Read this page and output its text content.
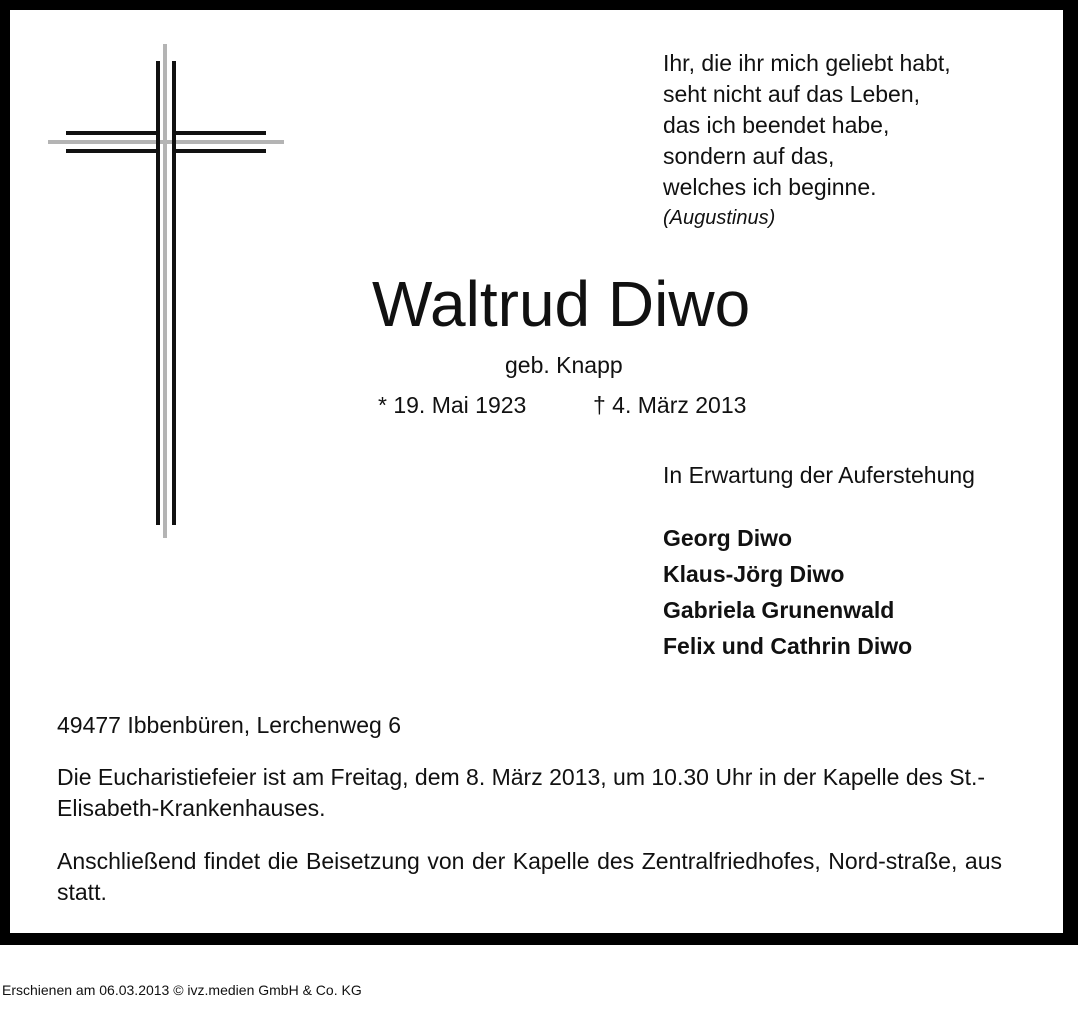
Ihr, die ihr mich geliebt habt,
seht nicht auf das Leben,
das ich beendet habe,
sondern auf das,
welches ich beginne.
(Augustinus)
Waltrud Diwo
geb. Knapp
* 19. Mai 1923	† 4. März 2013
In Erwartung der Auferstehung
Georg Diwo
Klaus-Jörg Diwo
Gabriela Grunenwald
Felix und Cathrin Diwo
49477 Ibbenbüren, Lerchenweg 6
Die Eucharistiefeier ist am Freitag, dem 8. März 2013, um 10.30 Uhr in der Kapelle des St.-Elisabeth-Krankenhauses.
Anschließend findet die Beisetzung von der Kapelle des Zentralfriedhofes, Nord-straße, aus statt.
Erschienen am 06.03.2013 © ivz.medien GmbH & Co. KG
